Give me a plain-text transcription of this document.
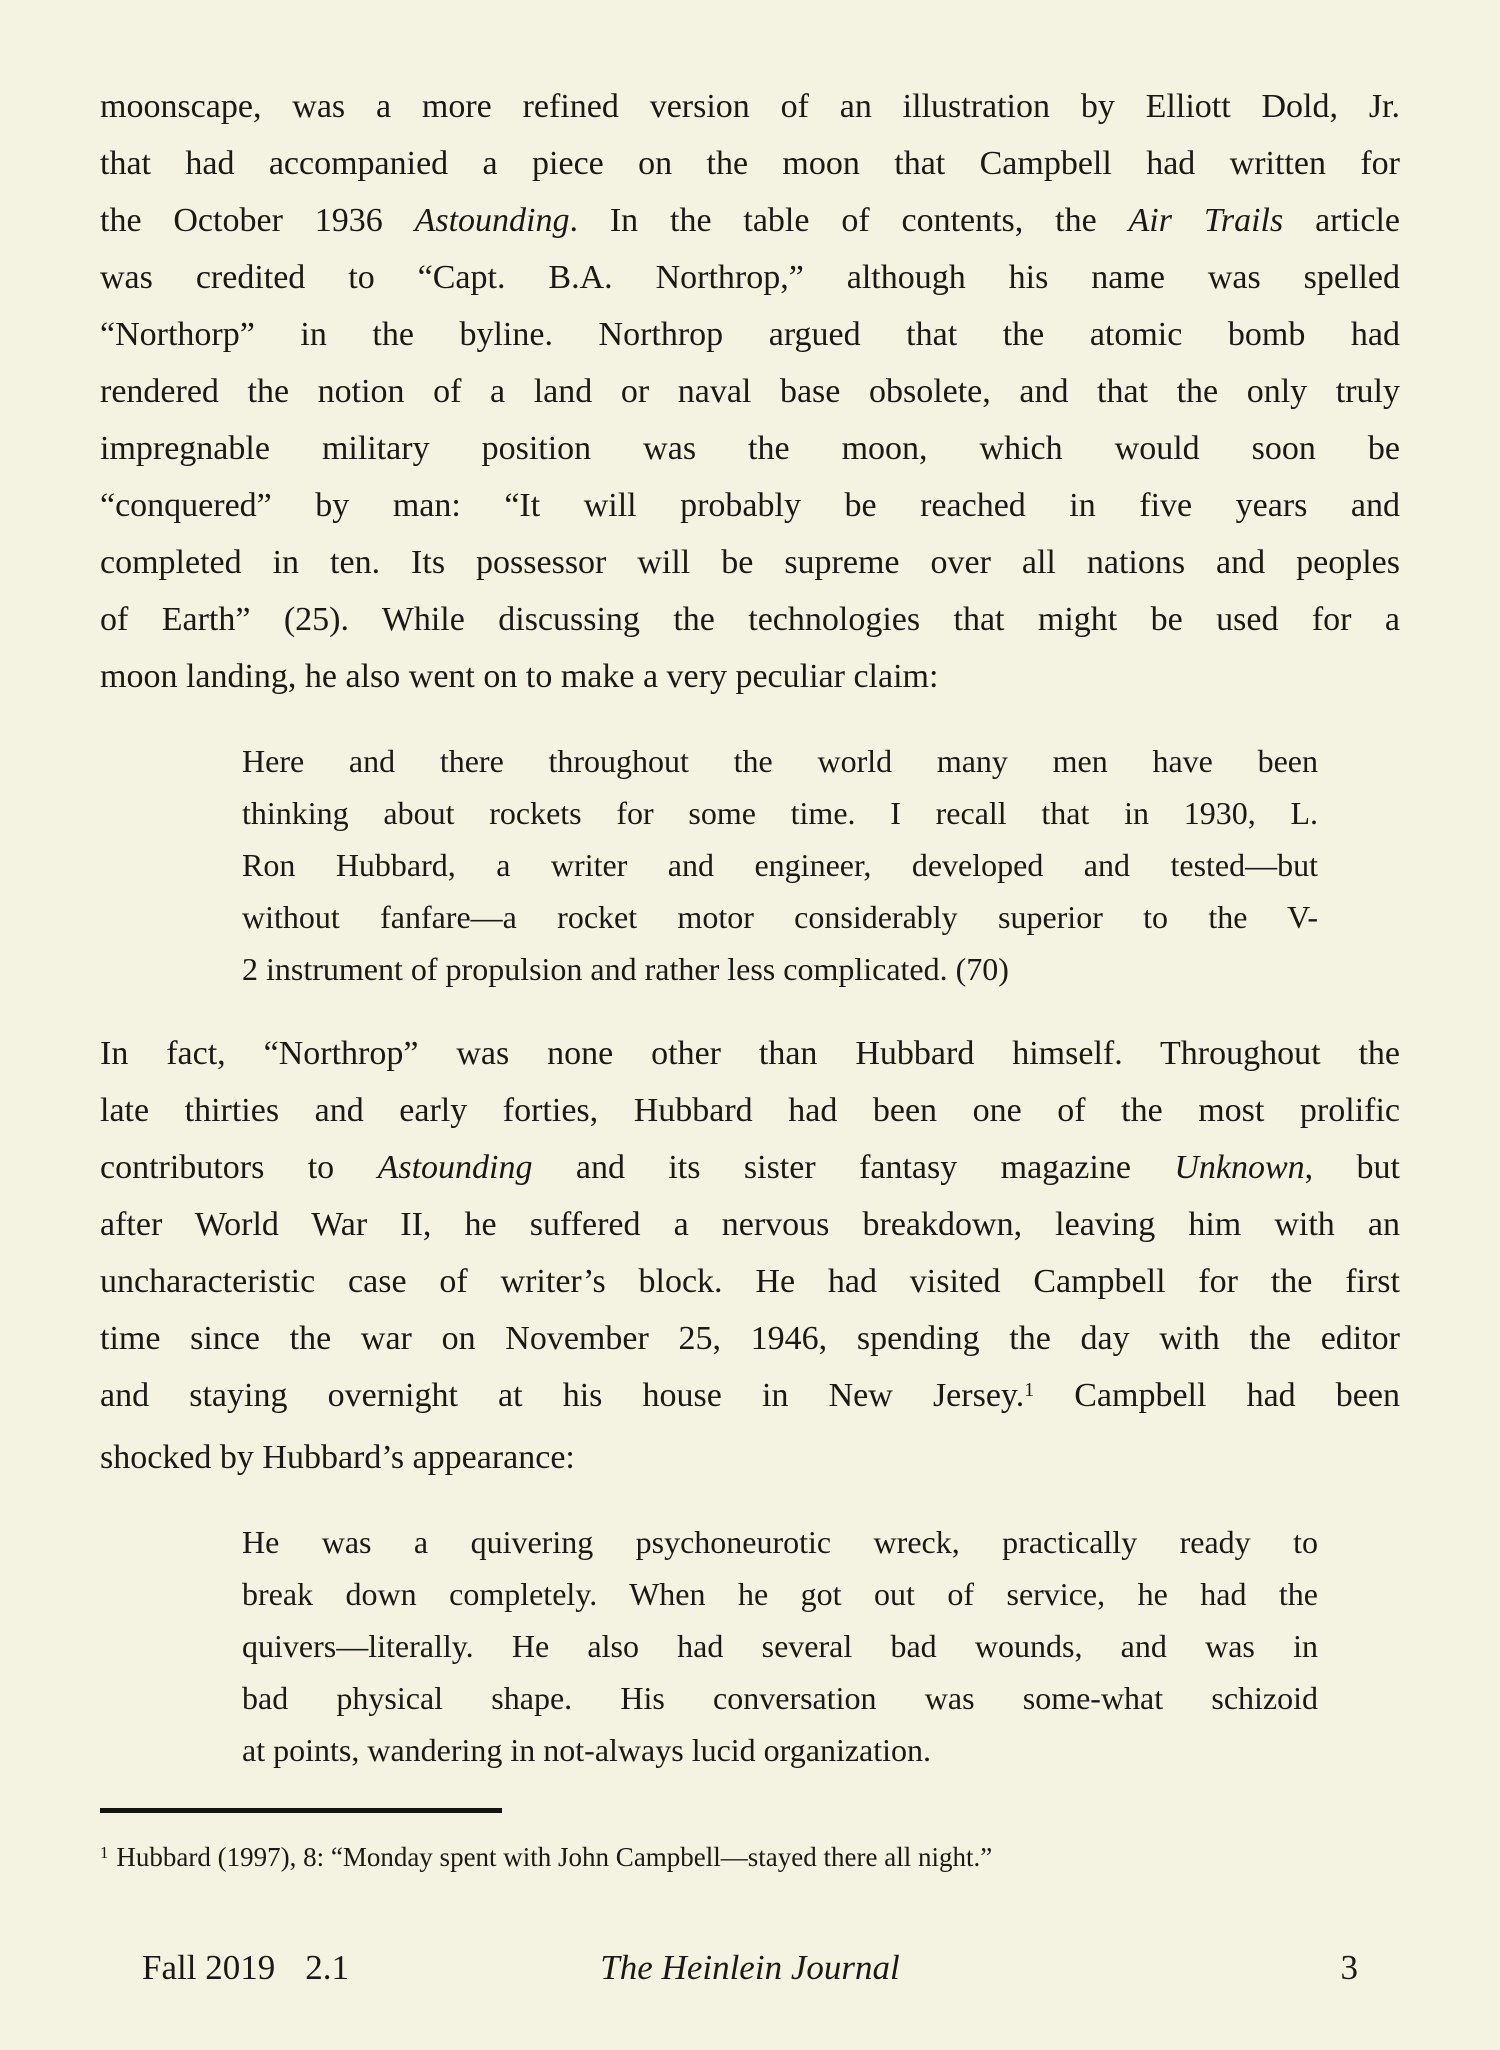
moonscape, was a more refined version of an illustration by Elliott Dold, Jr.
that had accompanied a piece on the moon that Campbell had written for
the October 1936 Astounding. In the table of contents, the Air Trails article
was credited to “Capt. B.A. Northrop,” although his name was spelled
“Northorp” in the byline. Northrop argued that the atomic bomb had
rendered the notion of a land or naval base obsolete, and that the only truly
impregnable military position was the moon, which would soon be
“conquered” by man: “It will probably be reached in five years and
completed in ten. Its possessor will be supreme over all nations and peoples
of Earth” (25). While discussing the technologies that might be used for a
moon landing, he also went on to make a very peculiar claim:
Here and there throughout the world many men have been
thinking about rockets for some time. I recall that in 1930, L.
Ron Hubbard, a writer and engineer, developed and tested—but
without fanfare—a rocket motor considerably superior to the V-
2 instrument of propulsion and rather less complicated. (70)
In fact, “Northrop” was none other than Hubbard himself. Throughout the
late thirties and early forties, Hubbard had been one of the most prolific
contributors to Astounding and its sister fantasy magazine Unknown, but
after World War II, he suffered a nervous breakdown, leaving him with an
uncharacteristic case of writer’s block. He had visited Campbell for the first
time since the war on November 25, 1946, spending the day with the editor
and staying overnight at his house in New Jersey.$^1$ Campbell had been
shocked by Hubbard’s appearance:
He was a quivering psychoneurotic wreck, practically ready to
break down completely. When he got out of service, he had the
quivers—literally. He also had several bad wounds, and was in
bad physical shape. His conversation was some-what schizoid
at points, wandering in not-always lucid organization.

$^1$ Hubbard (1997), 8: “Monday spent with John Campbell—stayed there all night.”

Fall 2019 2.1	The Heinlein Journal	3
